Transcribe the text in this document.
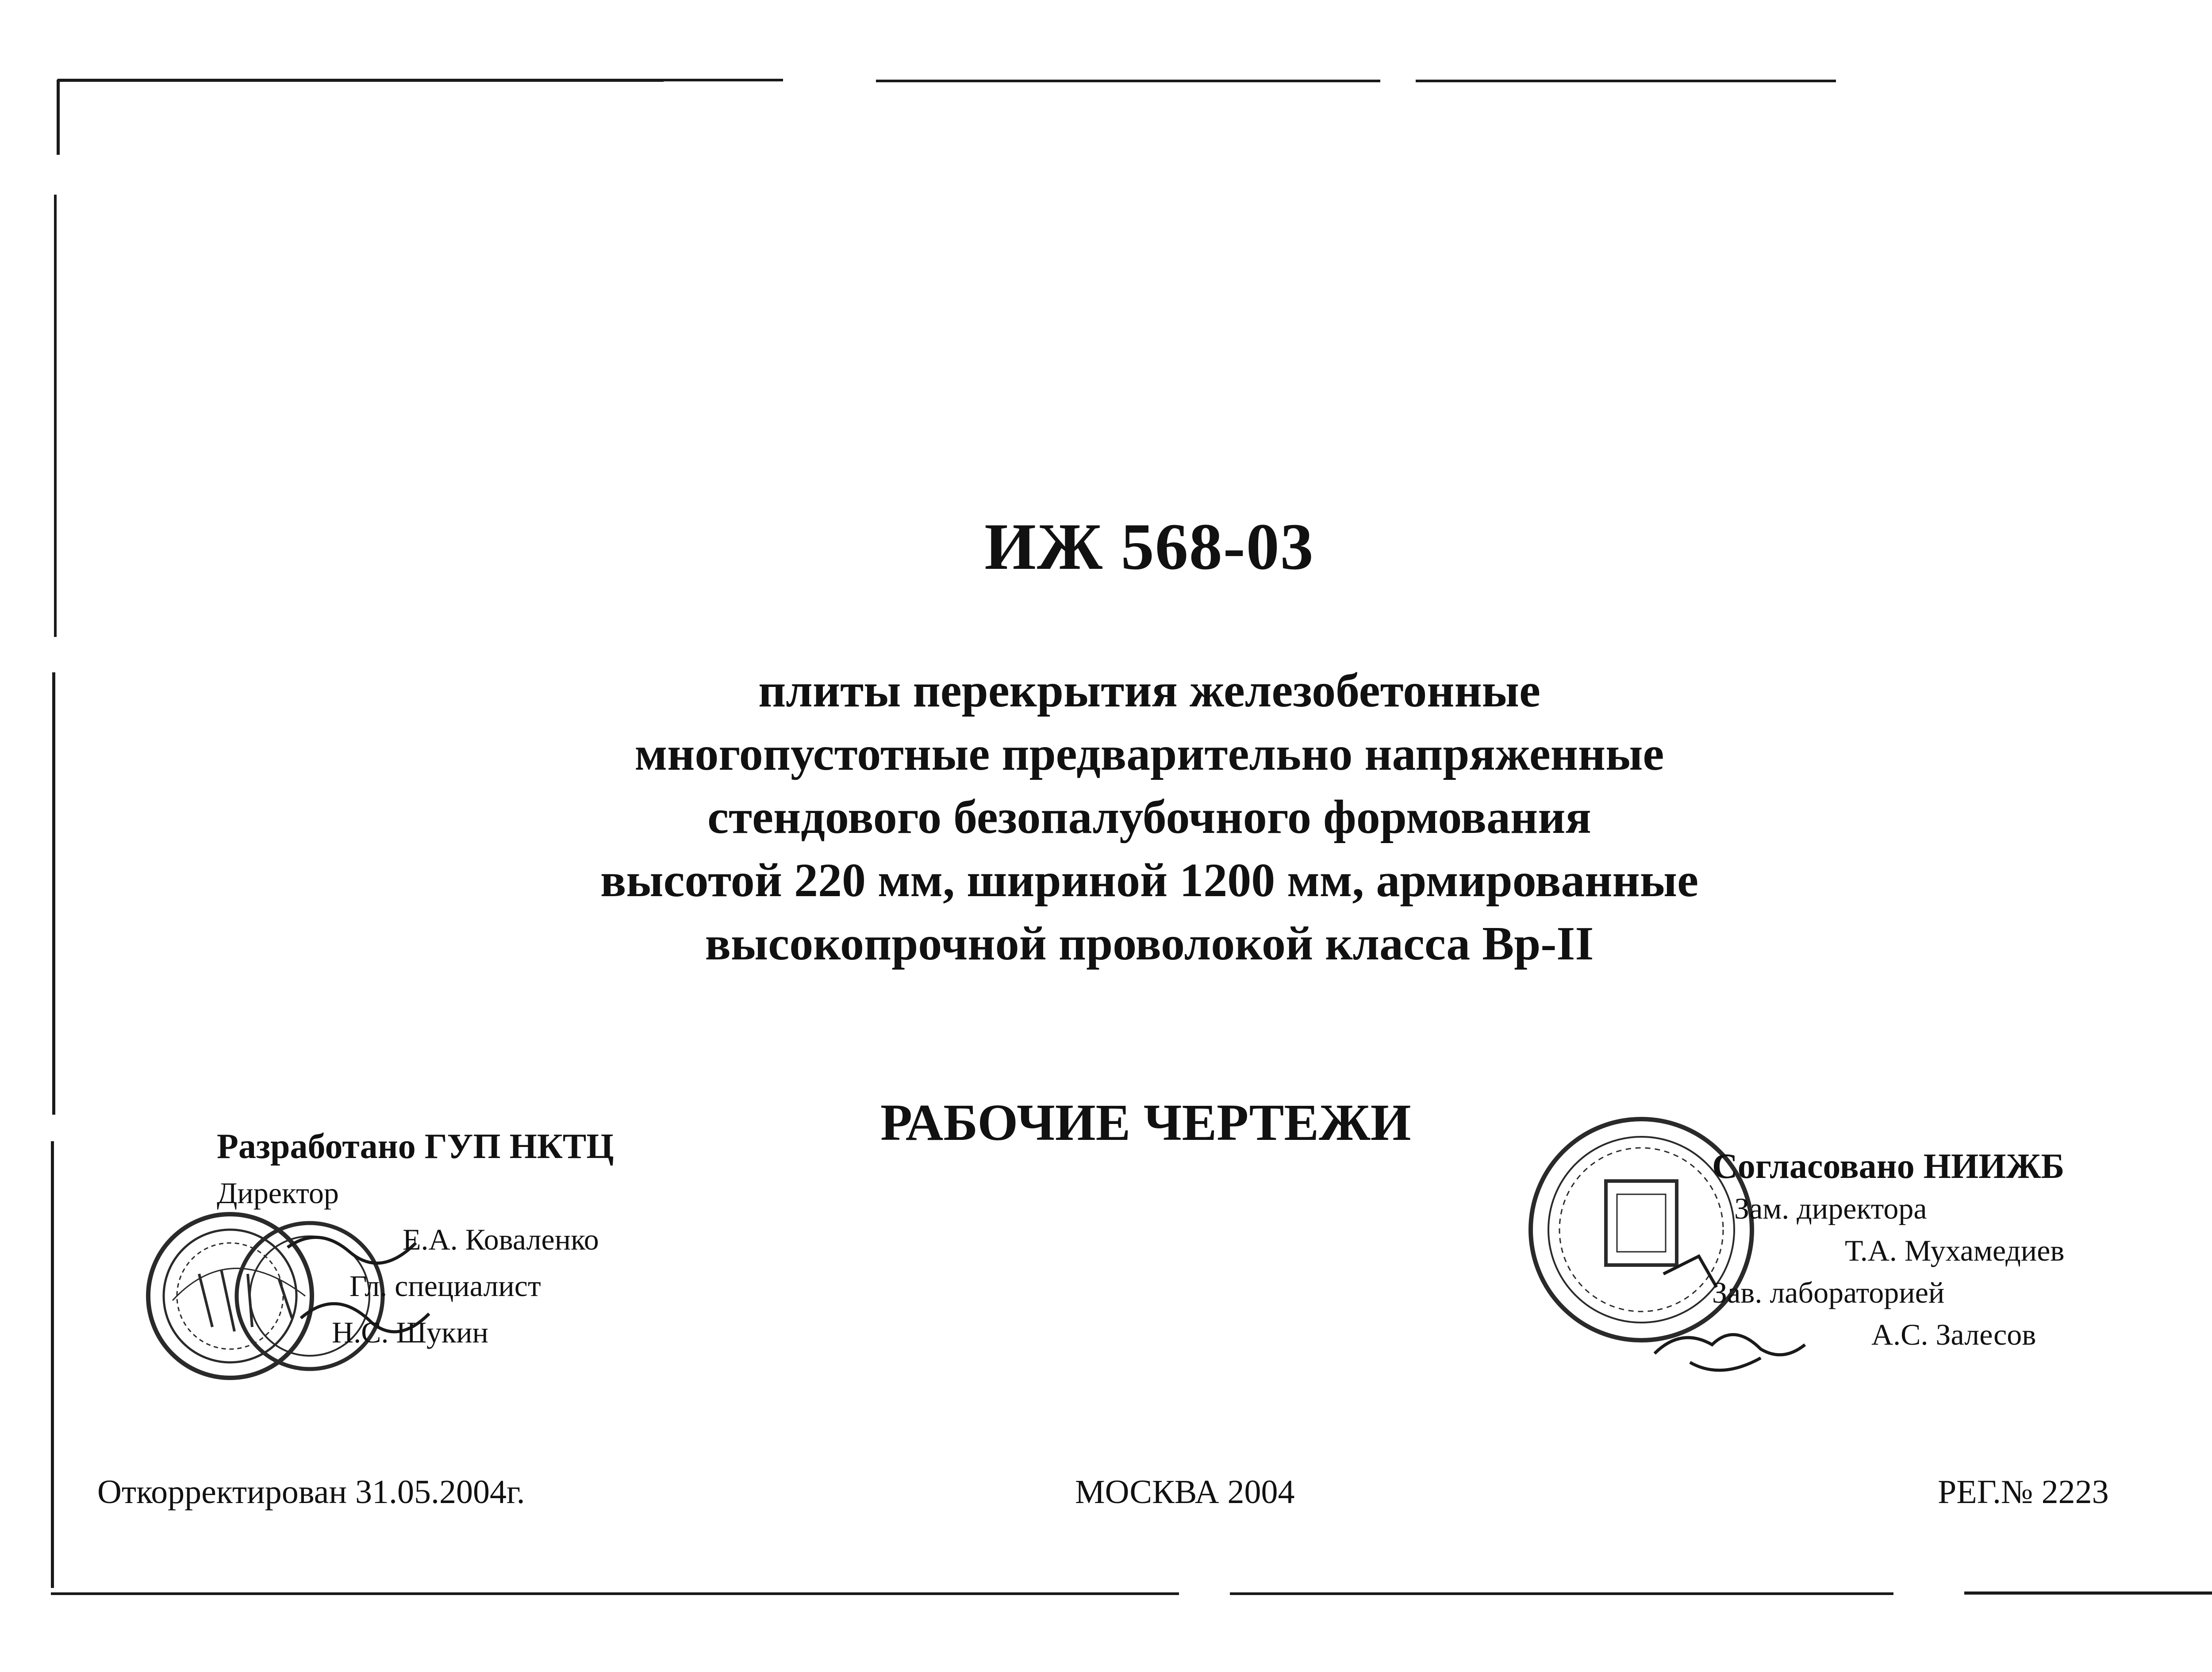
ИЖ 568-03
плиты перекрытия железобетонные
многопустотные предварительно напряженные
стендового безопалубочного формования
высотой 220 мм, шириной 1200 мм, армированные
высокопрочной проволокой класса Вр-II
РАБОЧИЕ ЧЕРТЕЖИ
Разработано ГУП НКТЦ
Директор
Е.А. Коваленко
Гл. специалист
Н.С. Шукин
Согласовано НИИЖБ
Зам. директора
Т.А. Мухамедиев
Зав. лабораторией
А.С. Залесов
Откорректирован 31.05.2004г.	МОСКВА 2004	РЕГ.№ 2223
